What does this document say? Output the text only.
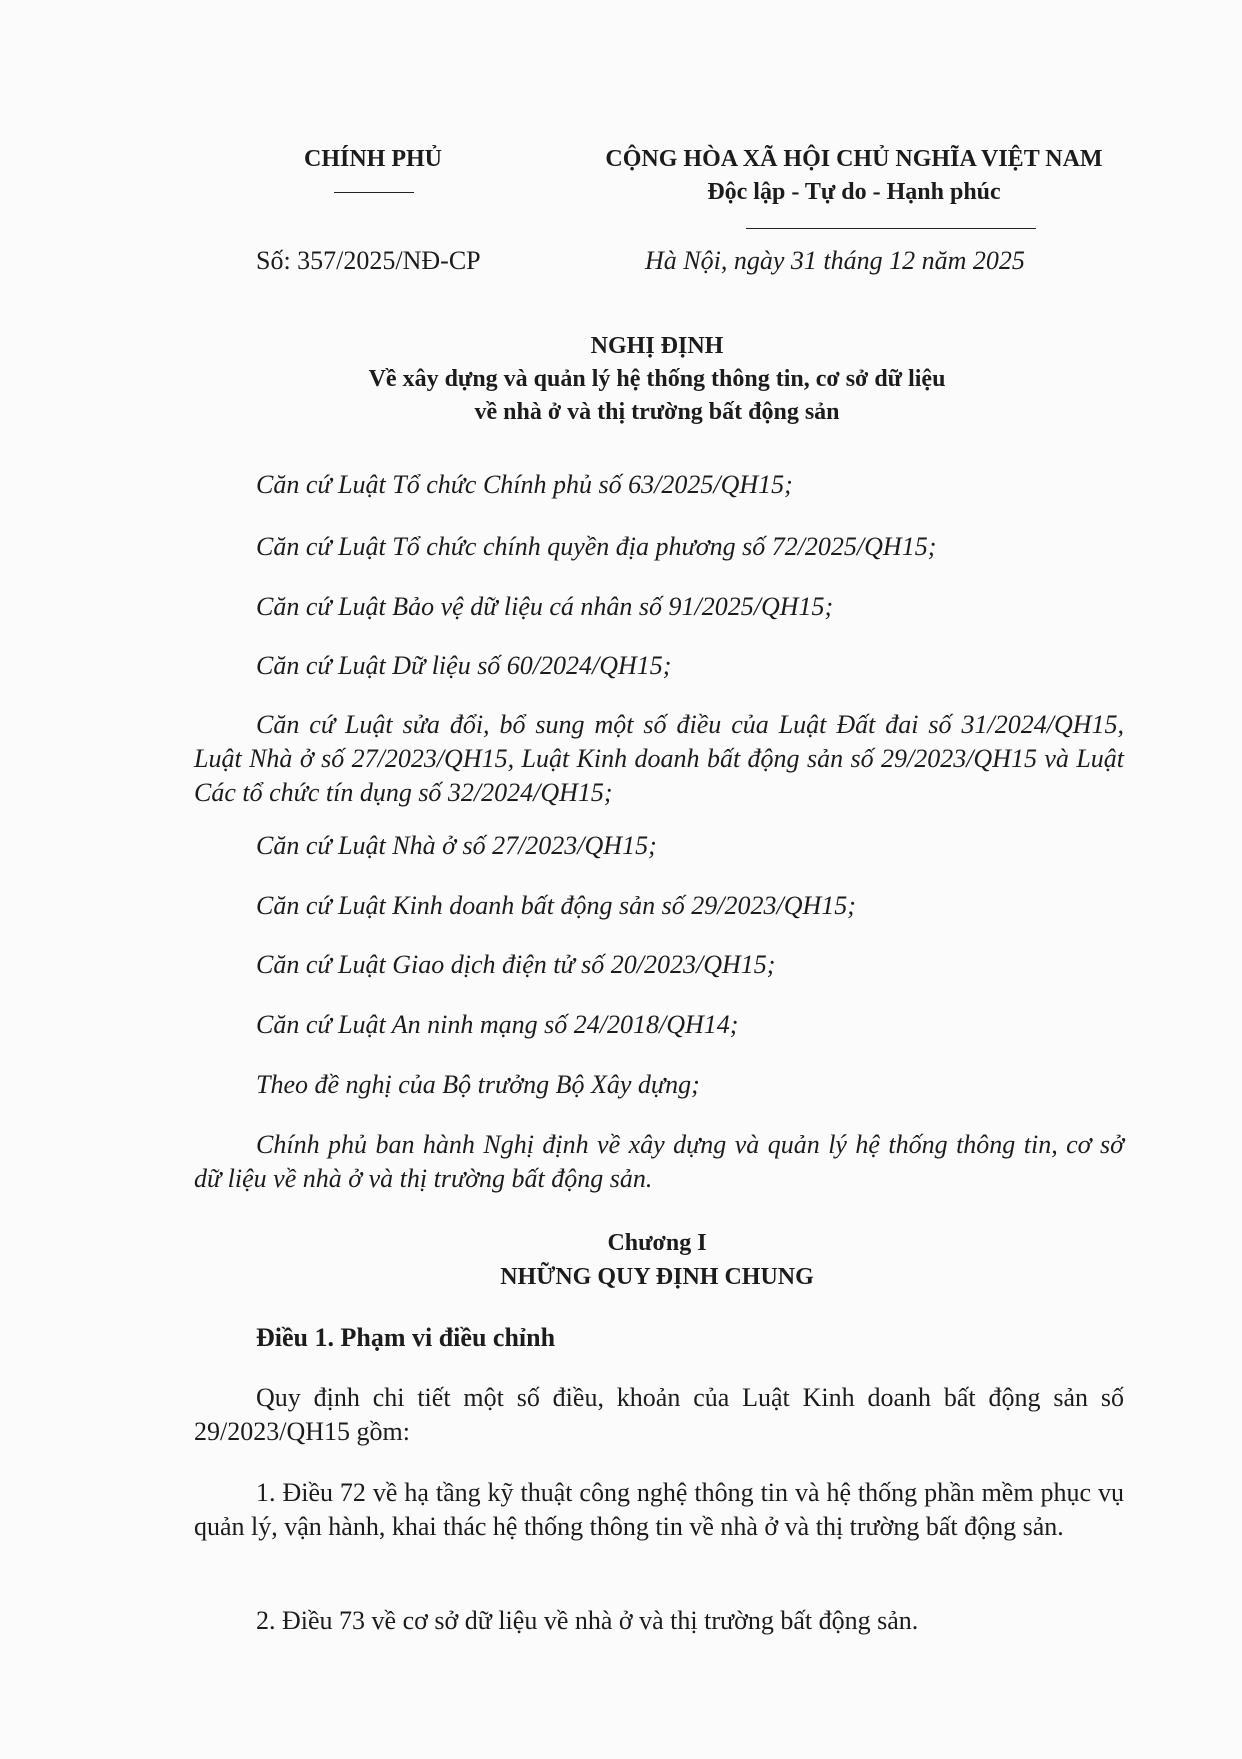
CHÍNH PHỦ	CỘNG HÒA XÃ HỘI CHỦ NGHĨA VIỆT NAM
Độc lập - Tự do - Hạnh phúc
Số: 357/2025/NĐ-CP	Hà Nội, ngày 31 tháng 12 năm 2025
NGHỊ ĐỊNH
Về xây dựng và quản lý hệ thống thông tin, cơ sở dữ liệu
về nhà ở và thị trường bất động sản
Căn cứ Luật Tổ chức Chính phủ số 63/2025/QH15;
Căn cứ Luật Tổ chức chính quyền địa phương số 72/2025/QH15;
Căn cứ Luật Bảo vệ dữ liệu cá nhân số 91/2025/QH15;
Căn cứ Luật Dữ liệu số 60/2024/QH15;
Căn cứ Luật sửa đổi, bổ sung một số điều của Luật Đất đai số 31/2024/QH15, Luật Nhà ở số 27/2023/QH15, Luật Kinh doanh bất động sản số 29/2023/QH15 và Luật Các tổ chức tín dụng số 32/2024/QH15;
Căn cứ Luật Nhà ở số 27/2023/QH15;
Căn cứ Luật Kinh doanh bất động sản số 29/2023/QH15;
Căn cứ Luật Giao dịch điện tử số 20/2023/QH15;
Căn cứ Luật An ninh mạng số 24/2018/QH14;
Theo đề nghị của Bộ trưởng Bộ Xây dựng;
Chính phủ ban hành Nghị định về xây dựng và quản lý hệ thống thông tin, cơ sở dữ liệu về nhà ở và thị trường bất động sản.
Chương I
NHỮNG QUY ĐỊNH CHUNG
Điều 1. Phạm vi điều chỉnh
Quy định chi tiết một số điều, khoản của Luật Kinh doanh bất động sản số 29/2023/QH15 gồm:
1. Điều 72 về hạ tầng kỹ thuật công nghệ thông tin và hệ thống phần mềm phục vụ quản lý, vận hành, khai thác hệ thống thông tin về nhà ở và thị trường bất động sản.
2. Điều 73 về cơ sở dữ liệu về nhà ở và thị trường bất động sản.
